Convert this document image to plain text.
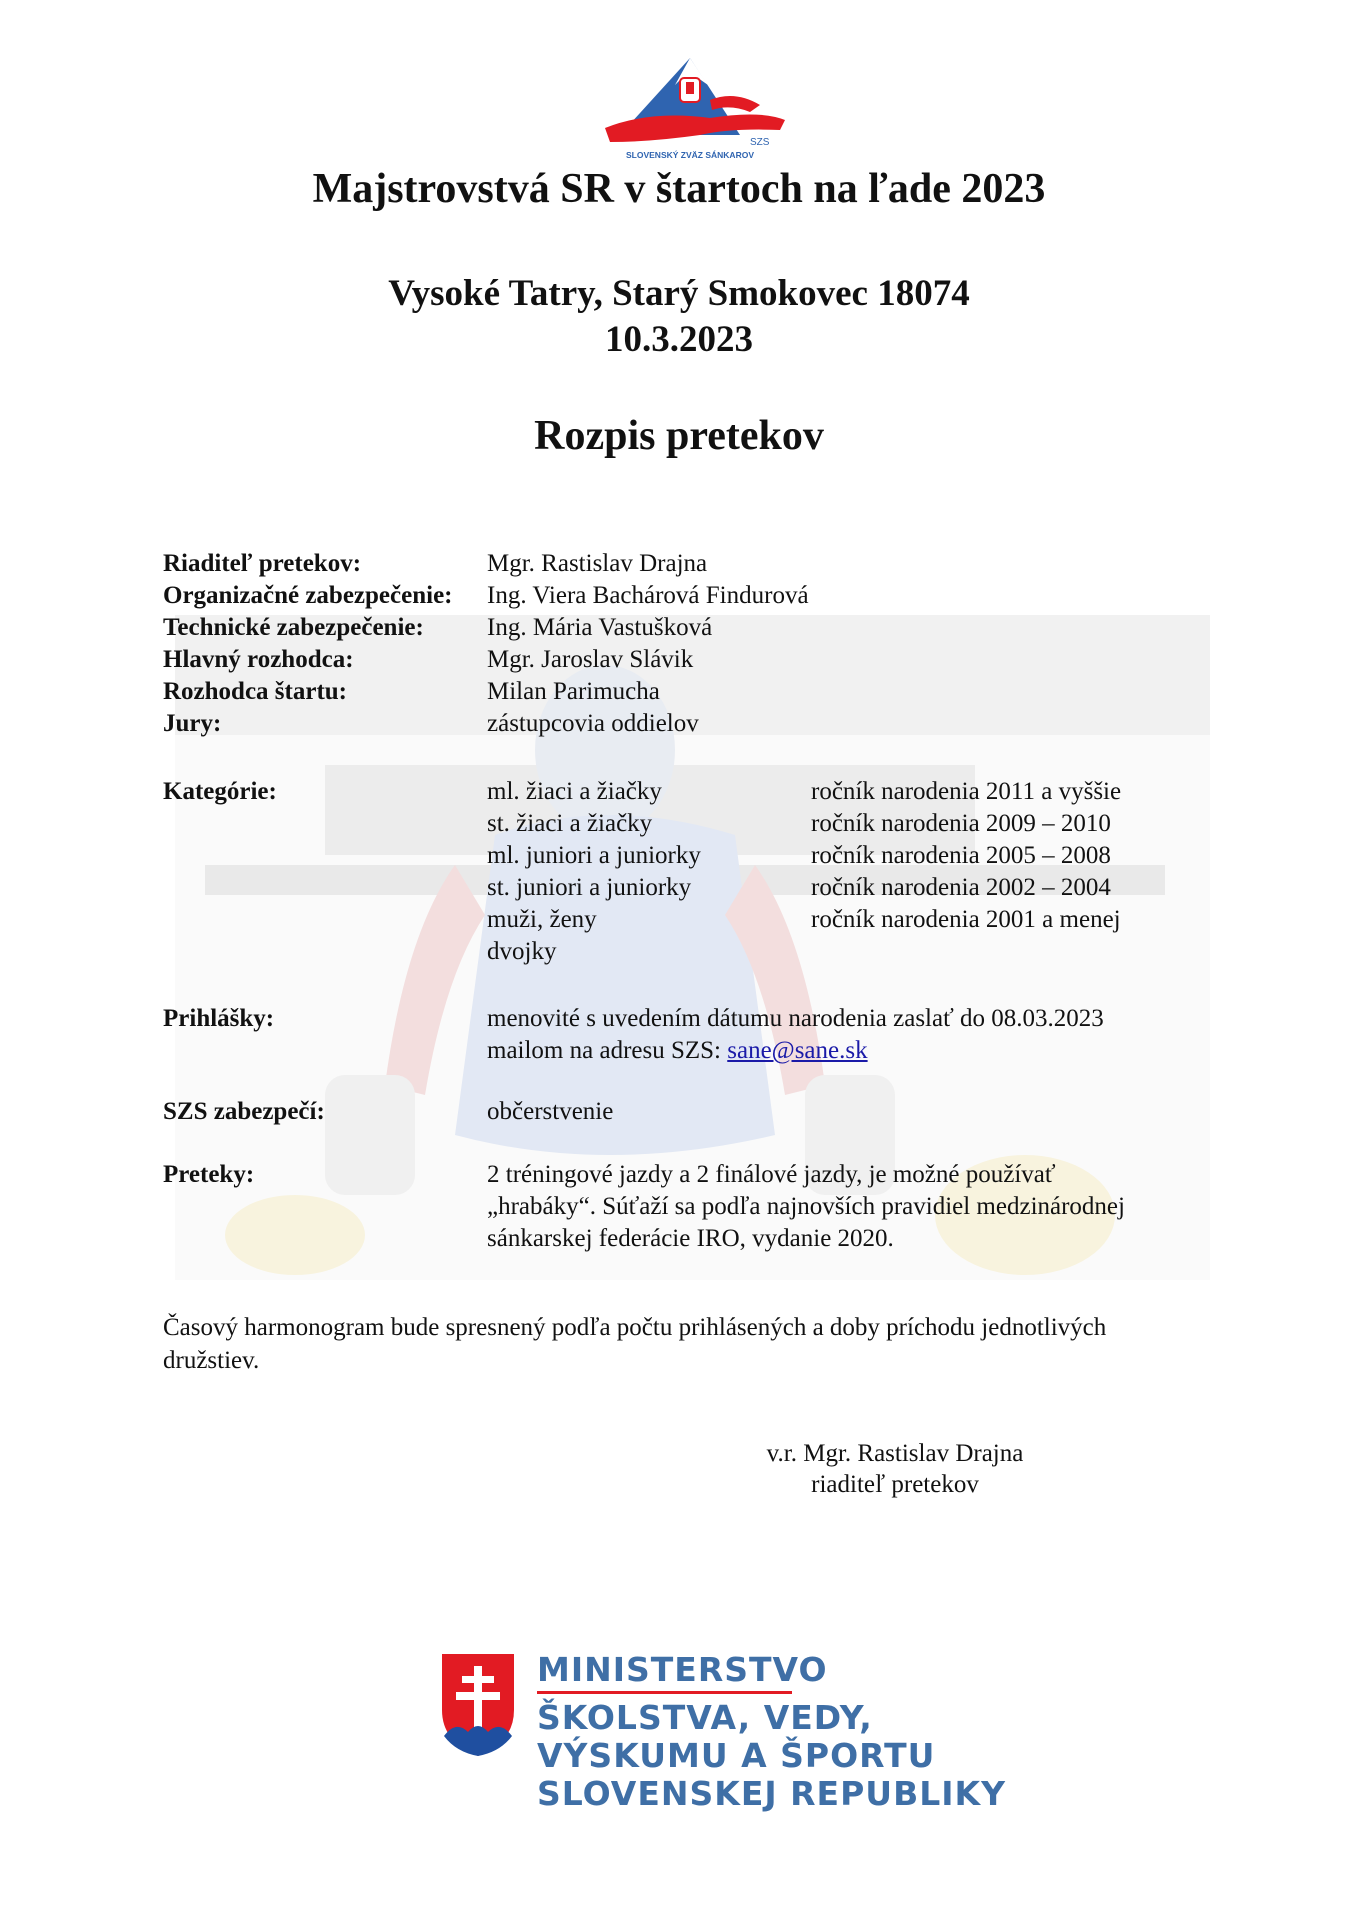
SZS
SLOVENSKÝ ZVÄZ SÁNKAROV
Majstrovstvá SR v štartoch na ľade 2023
Vysoké Tatry, Starý Smokovec 18074
10.3.2023
Rozpis pretekov
Riaditeľ pretekov:	Mgr. Rastislav Drajna
Organizačné zabezpečenie: Ing. Viera Bachárová Findurová
Technické zabezpečenie:	Ing. Mária Vastušková
Hlavný rozhodca:	Mgr. Jaroslav Slávik
Rozhodca štartu:	Milan Parimucha
Jury:	zástupcovia oddielov
Kategórie:	ml. žiaci a žiačky	ročník narodenia 2011 a vyššie
st. žiaci a žiačky	ročník narodenia 2009 – 2010
ml. juniori a juniorky	ročník narodenia 2005 – 2008
st. juniori a juniorky	ročník narodenia 2002 – 2004
muži, ženy	ročník narodenia 2001 a menej
dvojky
Prihlášky:	menovité s uvedením dátumu narodenia zaslať do 08.03.2023
mailom na adresu SZS: sane@sane.sk
SZS zabezpečí:	občerstvenie
Preteky:	2 tréningové jazdy a 2 finálové jazdy, je možné používať
„hrabáky“. Súťaží sa podľa najnovších pravidiel medzinárodnej
sánkarskej federácie IRO, vydanie 2020.
Časový harmonogram bude spresnený podľa počtu prihlásených a doby príchodu jednotlivých
družstiev.
v.r. Mgr. Rastislav Drajna
riaditeľ pretekov
MINISTERSTVO
ŠKOLSTVA, VEDY,
VÝSKUMU A ŠPORTU
SLOVENSKEJ REPUBLIKY
